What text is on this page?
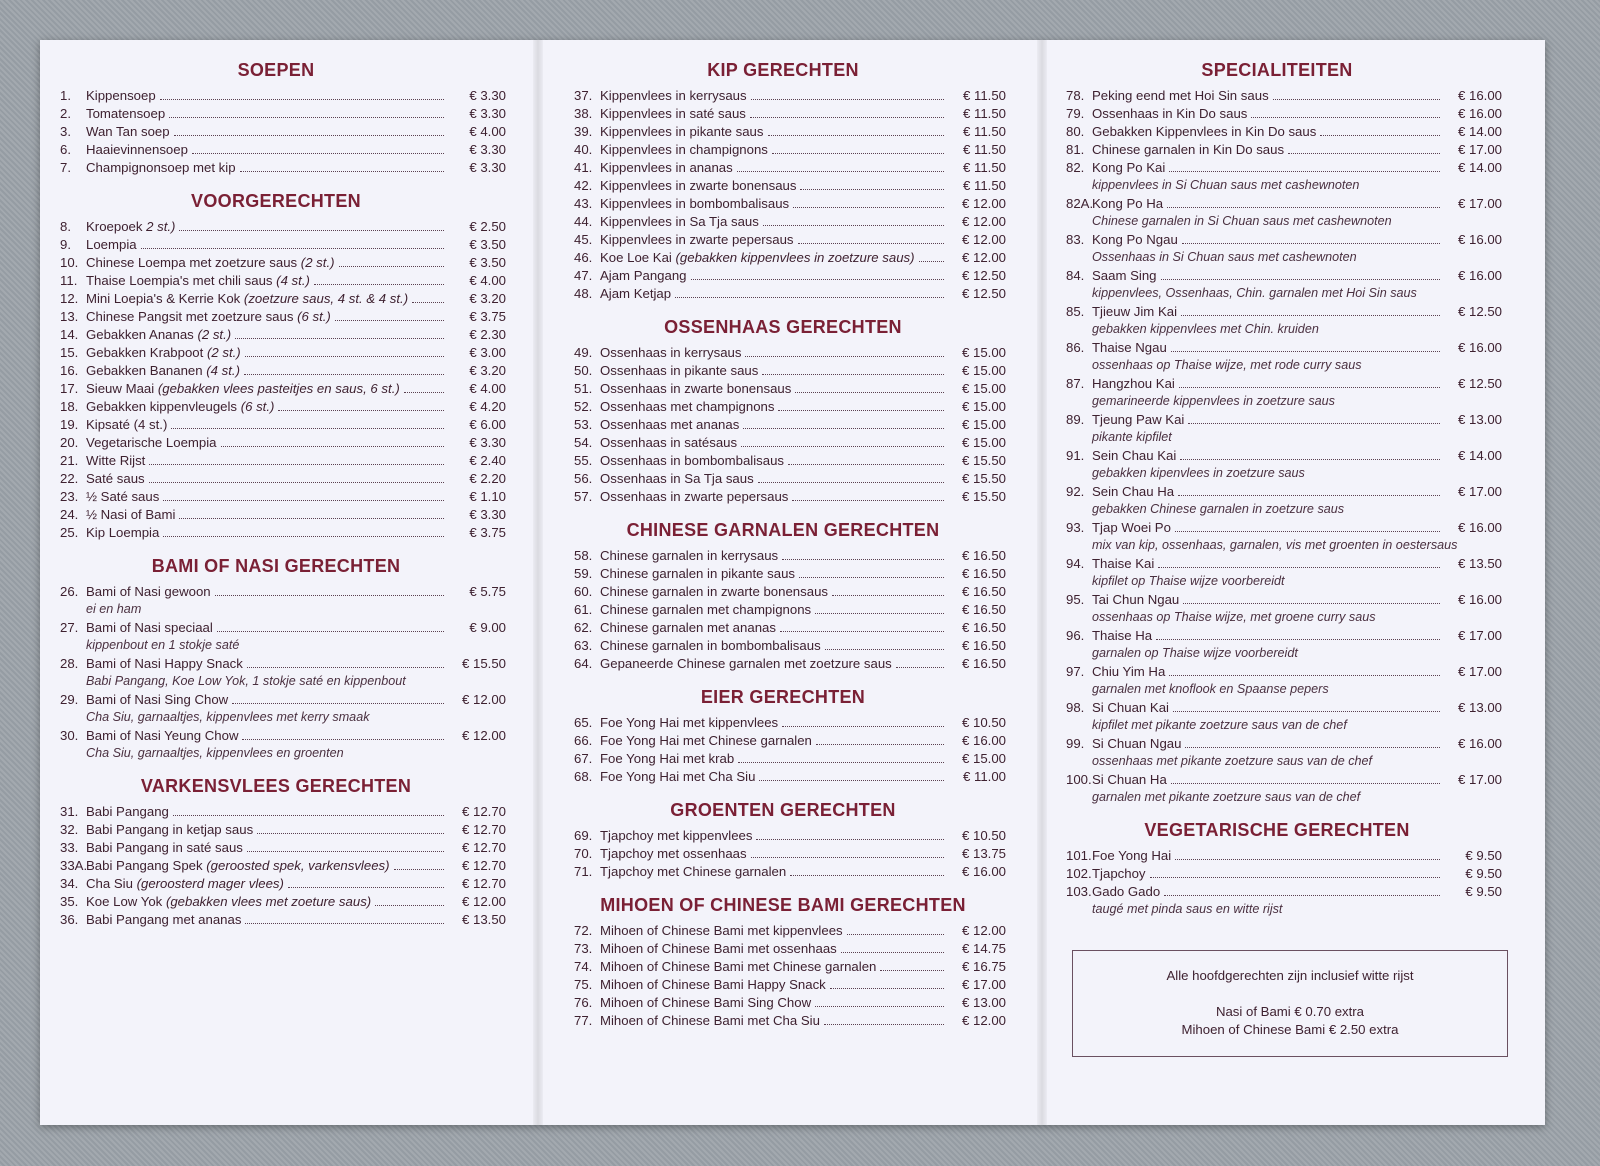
SOEPEN
1.	Kippensoep	€ 3.30
2.	Tomatensoep	€ 3.30
3.	Wan Tan soep	€ 4.00
6.	Haaievinnensoep	€ 3.30
7.	Champignonsoep met kip	€ 3.30
VOORGERECHTEN
8.	Kroepoek 2 st.)	€ 2.50
9.	Loempia	€ 3.50
10. Chinese Loempa met zoetzure saus (2 st.)	€ 3.50
11. Thaise Loempia's met chili saus (4 st.)	€ 4.00
12. Mini Loepia's & Kerrie Kok (zoetzure saus, 4 st. & 4 st.)	€ 3.20
13. Chinese Pangsit met zoetzure saus (6 st.)	€ 3.75
14. Gebakken Ananas (2 st.)	€ 2.30
15. Gebakken Krabpoot (2 st.)	€ 3.00
16. Gebakken Bananen (4 st.)	€ 3.20
17. Sieuw Maai (gebakken vlees pasteitjes en saus, 6 st.)	€ 4.00
18. Gebakken kippenvleugels (6 st.)	€ 4.20
19. Kipsaté (4 st.)	€ 6.00
20. Vegetarische Loempia	€ 3.30
21. Witte Rijst	€ 2.40
22. Saté saus	€ 2.20
23. ½ Saté saus	€ 1.10
24. ½ Nasi of Bami	€ 3.30
25. Kip Loempia	€ 3.75
BAMI OF NASI GERECHTEN
26. Bami of Nasi gewoon	€ 5.75
ei en ham
27. Bami of Nasi speciaal	€ 9.00
kippenbout en 1 stokje saté
28. Bami of Nasi Happy Snack	€ 15.50
Babi Pangang, Koe Low Yok, 1 stokje saté en kippenbout
29. Bami of Nasi Sing Chow	€ 12.00
Cha Siu, garnaaltjes, kippenvlees met kerry smaak
30. Bami of Nasi Yeung Chow	€ 12.00
Cha Siu, garnaaltjes, kippenvlees en groenten
VARKENSVLEES GERECHTEN
31. Babi Pangang	€ 12.70
32. Babi Pangang in ketjap saus	€ 12.70
33. Babi Pangang in saté saus	€ 12.70
33A.
Babi Pangang Spek (geroosted spek, varkensvlees)	€ 12.70
34. Cha Siu (geroosterd mager vlees)	€ 12.70
35. Koe Low Yok (gebakken vlees met zoeture saus)	€ 12.00
36. Babi Pangang met ananas	€ 13.50
KIP GERECHTEN
37. Kippenvlees in kerrysaus	€ 11.50
38. Kippenvlees in saté saus	€ 11.50
39. Kippenvlees in pikante saus	€ 11.50
40. Kippenvlees in champignons	€ 11.50
41. Kippenvlees in ananas	€ 11.50
42. Kippenvlees in zwarte bonensaus	€ 11.50
43. Kippenvlees in bombombalisaus	€ 12.00
44. Kippenvlees in Sa Tja saus	€ 12.00
45. Kippenvlees in zwarte pepersaus	€ 12.00
46. Koe Loe Kai (gebakken kippenvlees in zoetzure saus)	€ 12.00
47. Ajam Pangang	€ 12.50
48. Ajam Ketjap	€ 12.50
OSSENHAAS GERECHTEN
49. Ossenhaas in kerrysaus	€ 15.00
50. Ossenhaas in pikante saus	€ 15.00
51. Ossenhaas in zwarte bonensaus	€ 15.00
52. Ossenhaas met champignons	€ 15.00
53. Ossenhaas met ananas	€ 15.00
54. Ossenhaas in satésaus	€ 15.00
55. Ossenhaas in bombombalisaus	€ 15.50
56. Ossenhaas in Sa Tja saus	€ 15.50
57. Ossenhaas in zwarte pepersaus	€ 15.50
CHINESE GARNALEN GERECHTEN
58. Chinese garnalen in kerrysaus	€ 16.50
59. Chinese garnalen in pikante saus	€ 16.50
60. Chinese garnalen in zwarte bonensaus	€ 16.50
61. Chinese garnalen met champignons	€ 16.50
62. Chinese garnalen met ananas	€ 16.50
63. Chinese garnalen in bombombalisaus	€ 16.50
64. Gepaneerde Chinese garnalen met zoetzure saus	€ 16.50
EIER GERECHTEN
65. Foe Yong Hai met kippenvlees	€ 10.50
66. Foe Yong Hai met Chinese garnalen	€ 16.00
67. Foe Yong Hai met krab	€ 15.00
68. Foe Yong Hai met Cha Siu	€ 11.00
GROENTEN GERECHTEN
69. Tjapchoy met kippenvlees	€ 10.50
70. Tjapchoy met ossenhaas	€ 13.75
71. Tjapchoy met Chinese garnalen	€ 16.00
MIHOEN OF CHINESE BAMI GERECHTEN
72. Mihoen of Chinese Bami met kippenvlees	€ 12.00
73. Mihoen of Chinese Bami met ossenhaas	€ 14.75
74. Mihoen of Chinese Bami met Chinese garnalen	€ 16.75
75. Mihoen of Chinese Bami Happy Snack	€ 17.00
76. Mihoen of Chinese Bami Sing Chow	€ 13.00
77. Mihoen of Chinese Bami met Cha Siu	€ 12.00
SPECIALITEITEN
78. Peking eend met Hoi Sin saus	€ 16.00
79. Ossenhaas in Kin Do saus	€ 16.00
80. Gebakken Kippenvlees in Kin Do saus	€ 14.00
81. Chinese garnalen in Kin Do saus	€ 17.00
82. Kong Po Kai	€ 14.00
kippenvlees in Si Chuan saus met cashewnoten
82A.
Kong Po Ha	€ 17.00
Chinese garnalen in Si Chuan saus met cashewnoten
83. Kong Po Ngau	€ 16.00
Ossenhaas in Si Chuan saus met cashewnoten
84. Saam Sing	€ 16.00
kippenvlees, Ossenhaas, Chin. garnalen met Hoi Sin saus
85. Tjieuw Jim Kai	€ 12.50
gebakken kippenvlees met Chin. kruiden
86. Thaise Ngau	€ 16.00
ossenhaas op Thaise wijze, met rode curry saus
87. Hangzhou Kai	€ 12.50
gemarineerde kippenvlees in zoetzure saus
89. Tjeung Paw Kai	€ 13.00
pikante kipfilet
91. Sein Chau Kai	€ 14.00
gebakken kipenvlees in zoetzure saus
92. Sein Chau Ha	€ 17.00
gebakken Chinese garnalen in zoetzure saus
93. Tjap Woei Po	€ 16.00
mix van kip, ossenhaas, garnalen, vis met groenten in oestersaus
94. Thaise Kai	€ 13.50
kipfilet op Thaise wijze voorbereidt
95. Tai Chun Ngau	€ 16.00
ossenhaas op Thaise wijze, met groene curry saus
96. Thaise Ha	€ 17.00
garnalen op Thaise wijze voorbereidt
97. Chiu Yim Ha	€ 17.00
garnalen met knoflook en Spaanse pepers
98. Si Chuan Kai	€ 13.00
kipfilet met pikante zoetzure saus van de chef
99. Si Chuan Ngau	€ 16.00
ossenhaas met pikante zoetzure saus van de chef
100. Si Chuan Ha	€ 17.00
garnalen met pikante zoetzure saus van de chef
VEGETARISCHE GERECHTEN
101. Foe Yong Hai	€ 9.50
102. Tjapchoy	€ 9.50
103. Gado Gado	€ 9.50
taugé met pinda saus en witte rijst
Alle hoofdgerechten zijn inclusief witte rijst
Nasi of Bami € 0.70 extra
Mihoen of Chinese Bami € 2.50 extra
